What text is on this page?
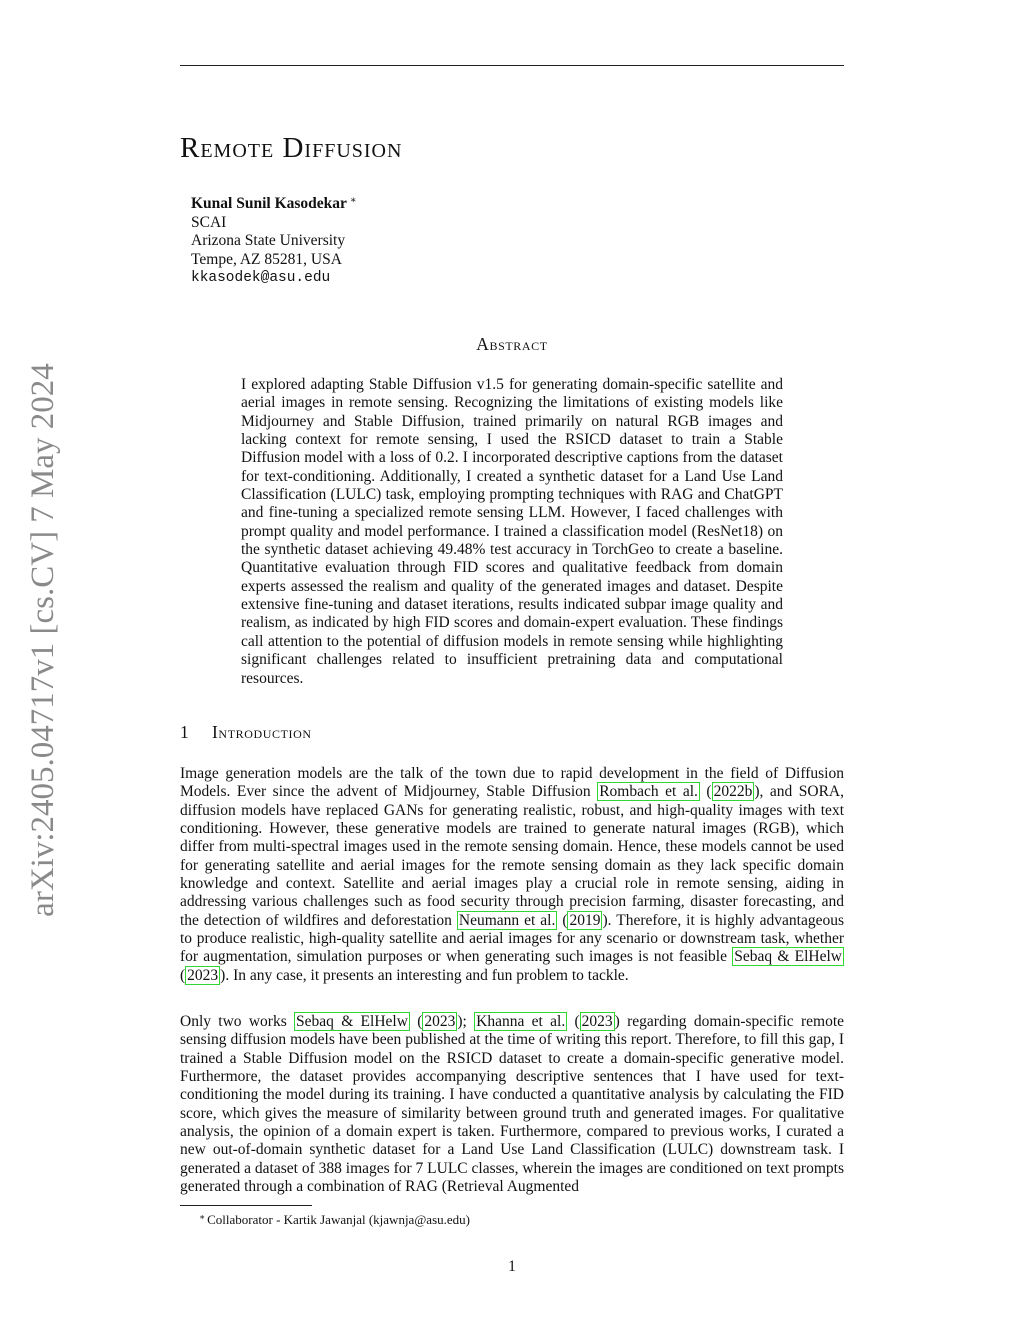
arXiv:2405.04717v1 [cs.CV] 7 May 2024
Remote Diffusion
Kunal Sunil Kasodekar ∗
SCAI
Arizona State University
Tempe, AZ 85281, USA
kkasodek@asu.edu
Abstract

I explored adapting Stable Diffusion v1.5 for generating domain-specific satellite and aerial images in remote sensing. Recognizing the limitations of existing models like Midjourney and Stable Diffusion, trained primarily on natural RGB images and lacking context for remote sensing, I used the RSICD dataset to train a Stable Diffusion model with a loss of 0.2. I incorporated descriptive captions from the dataset for text-conditioning. Additionally, I created a synthetic dataset for a Land Use Land Classification (LULC) task, employing prompting techniques with RAG and ChatGPT and fine-tuning a specialized remote sensing LLM. However, I faced challenges with prompt quality and model performance. I trained a classification model (ResNet18) on the synthetic dataset achieving 49.48% test accuracy in TorchGeo to create a baseline. Quantitative evaluation through FID scores and qualitative feedback from domain experts assessed the realism and quality of the generated images and dataset. Despite extensive fine-tuning and dataset iterations, results indicated subpar image quality and realism, as indicated by high FID scores and domain-expert evaluation. These findings call attention to the potential of diffusion models in remote sensing while highlighting significant challenges related to insufficient pretraining data and computational resources.

1 Introduction

Image generation models are the talk of the town due to rapid development in the field of Diffusion Models. Ever since the advent of Midjourney, Stable Diffusion Rombach et al. ( 2022b ), and SORA, diffusion models have replaced GANs for generating realistic, robust, and high-quality images with text conditioning. However, these generative models are trained to generate natural images (RGB), which differ from multi-spectral images used in the remote sensing domain. Hence, these models cannot be used for generating satellite and aerial images for the remote sensing domain as they lack specific domain knowledge and context. Satellite and aerial images play a crucial role in remote sensing, aiding in addressing various challenges such as food security through precision farming, disaster forecasting, and the detection of wildfires and deforestation Neumann et al. ( 2019 ). Therefore, it is highly advantageous to produce realistic, high-quality satellite and aerial images for any scenario or downstream task, whether for augmentation, simulation purposes or when generating such images is not feasible Sebaq & ElHelw ( 2023 ). In any case, it presents an interesting and fun problem to tackle.

Only two works Sebaq & ElHelw ( 2023 ); Khanna et al. ( 2023 ) regarding domain-specific remote sensing diffusion models have been published at the time of writing this report. Therefore, to fill this gap, I trained a Stable Diffusion model on the RSICD dataset to create a domain-specific generative model. Furthermore, the dataset provides accompanying descriptive sentences that I have used for text-conditioning the model during its training. I have conducted a quantitative analysis by calculating the FID score, which gives the measure of similarity between ground truth and generated images. For qualitative analysis, the opinion of a domain expert is taken. Furthermore, compared to previous works, I curated a new out-of-domain synthetic dataset for a Land Use Land Classification (LULC) downstream task. I generated a dataset of 388 images for 7 LULC classes, wherein the images are conditioned on text prompts generated through a combination of RAG (Retrieval Augmented

∗ Collaborator - Kartik Jawanjal (kjawnja@asu.edu)
1
